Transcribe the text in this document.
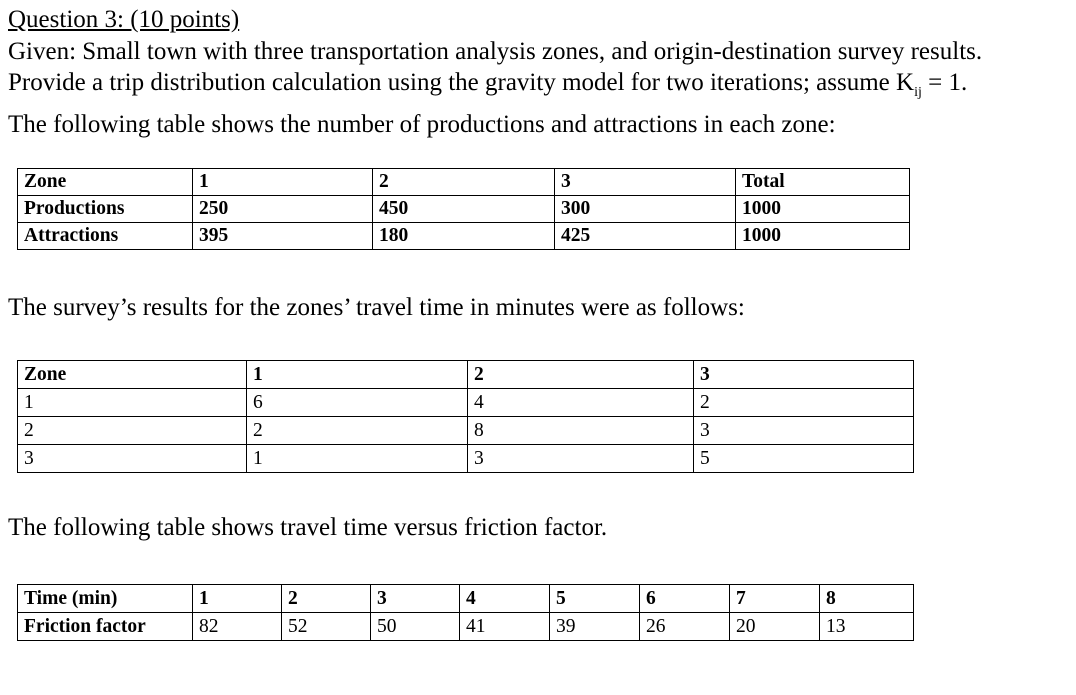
Question 3: (10 points)
Given: Small town with three transportation analysis zones, and origin-destination survey results.
Provide a trip distribution calculation using the gravity model for two iterations; assume $K_{ij} = 1$.
The following table shows the number of productions and attractions in each zone:
Zone	1	2	3	Total
Productions	250	450	300	1000
Attractions	395	180	425	1000
The survey’s results for the zones’ travel time in minutes were as follows:
Zone	1	2	3
1	6	4	2
2	2	8	3
3	1	3	5
The following table shows travel time versus friction factor.
Time (min)	1	2	3	4	5	6	7	8
Friction factor	82	52	50	41	39	26	20	13
